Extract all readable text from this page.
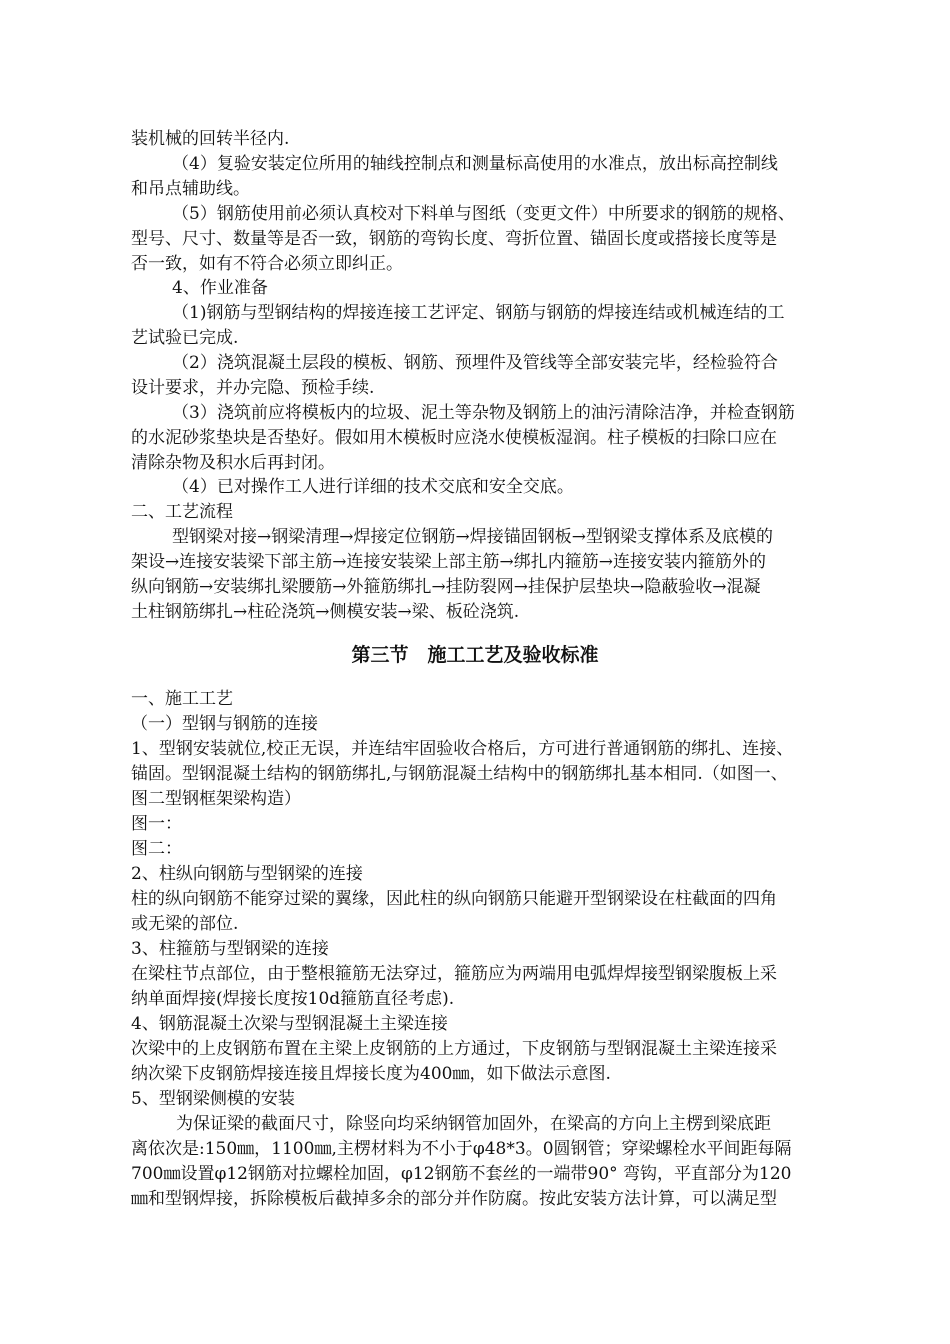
装机械的回转半径内.
（4）复验安装定位所用的轴线控制点和测量标高使用的水准点，放出标高控制线
和吊点辅助线。
（5）钢筋使用前必须认真校对下料单与图纸（变更文件）中所要求的钢筋的规格、
型号、尺寸、数量等是否一致，钢筋的弯钩长度、弯折位置、锚固长度或搭接长度等是
否一致，如有不符合必须立即纠正。
4、作业准备
（1)钢筋与型钢结构的焊接连接工艺评定、钢筋与钢筋的焊接连结或机械连结的工
艺试验已完成.
（2）浇筑混凝土层段的模板、钢筋、预埋件及管线等全部安装完毕，经检验符合
设计要求，并办完隐、预检手续.
（3）浇筑前应将模板内的垃圾、泥土等杂物及钢筋上的油污清除洁净，并检查钢筋
的水泥砂浆垫块是否垫好。假如用木模板时应浇水使模板湿润。柱子模板的扫除口应在
清除杂物及积水后再封闭。
（4）已对操作工人进行详细的技术交底和安全交底。
二、工艺流程
型钢梁对接→钢梁清理→焊接定位钢筋→焊接锚固钢板→型钢梁支撑体系及底模的
架设→连接安装梁下部主筋→连接安装梁上部主筋→绑扎内箍筋→连接安装内箍筋外的
纵向钢筋→安装绑扎梁腰筋→外箍筋绑扎→挂防裂网→挂保护层垫块→隐蔽验收→混凝
土柱钢筋绑扎→柱砼浇筑→侧模安装→梁、板砼浇筑.
第三节　施工工艺及验收标准
一、施工工艺
（一）型钢与钢筋的连接
1、型钢安装就位,校正无误，并连结牢固验收合格后，方可进行普通钢筋的绑扎、连接、
锚固。型钢混凝土结构的钢筋绑扎,与钢筋混凝土结构中的钢筋绑扎基本相同.（如图一、
图二型钢框架梁构造）
图一：
图二：
2、柱纵向钢筋与型钢梁的连接
柱的纵向钢筋不能穿过梁的翼缘，因此柱的纵向钢筋只能避开型钢梁设在柱截面的四角
或无梁的部位.
3、柱箍筋与型钢梁的连接
在梁柱节点部位，由于整根箍筋无法穿过，箍筋应为两端用电弧焊焊接型钢梁腹板上采
纳单面焊接(焊接长度按10d箍筋直径考虑).
4、钢筋混凝土次梁与型钢混凝土主梁连接
次梁中的上皮钢筋布置在主梁上皮钢筋的上方通过，下皮钢筋与型钢混凝土主梁连接采
纳次梁下皮钢筋焊接连接且焊接长度为400㎜，如下做法示意图.
5、型钢梁侧模的安装
为保证梁的截面尺寸，除竖向均采纳钢管加固外，在梁高的方向上主楞到梁底距
离依次是:150㎜，1100㎜,主楞材料为不小于φ48*3。0圆钢管；穿梁螺栓水平间距每隔
700㎜设置φ12钢筋对拉螺栓加固，φ12钢筋不套丝的一端带90° 弯钩，平直部分为120
㎜和型钢焊接，拆除模板后截掉多余的部分并作防腐。按此安装方法计算，可以满足型
